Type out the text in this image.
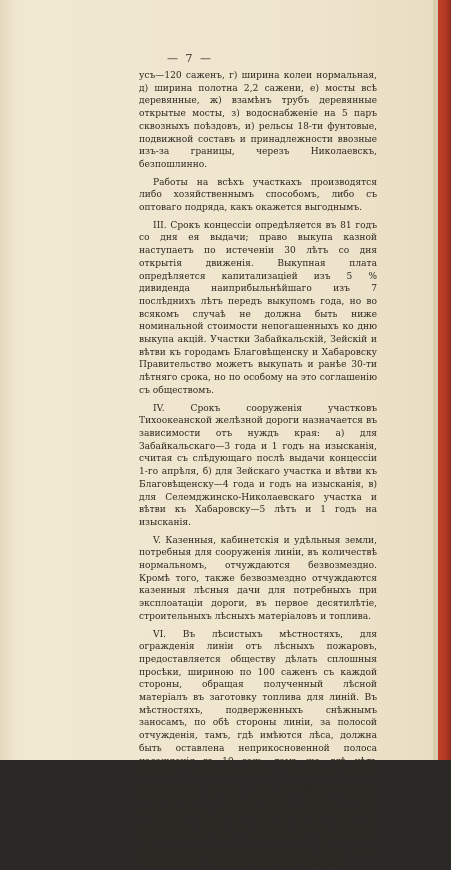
— 7 —

усъ—120 саженъ, г) ширина колеи нормальная, д) ширина полотна 2,2 сажени, е) мосты всѣ деревянные, ж) взамѣнъ трубъ деревянные открытые мосты, з) водоснабженіе на 5 паръ сквозныхъ поѣздовъ, и) рельсы 18-ти фунтовые, подвижной составъ и принадлежности ввозные изъ-за границы, черезъ Николаевскъ, безпошлинно.

Работы на всѣхъ участкахъ производятся либо хозяйственнымъ способомъ, либо съ оптоваго подряда, какъ окажется выгоднымъ.

III. Срокъ концессіи опредѣляется въ 81 годъ со дня ея выдачи; право выкупа казной наступаетъ по истеченіи 30 лѣтъ со дня открытія движенія. Выкупная плата опредѣляется капитализаціей изъ 5 % дивиденда наиприбыльнѣйшаго изъ 7 послѣднихъ лѣтъ передъ выкупомъ года, но во всякомъ случаѣ не должна быть ниже номинальной стоимости непогашенныхъ ко дню выкупа акцій. Участки Забайкальскій, Зейскій и вѣтви къ городамъ Благовѣщенску и Хабаровску Правительство можетъ выкупать и ранѣе 30-ти лѣтняго срока, но по особому на это соглашенію съ обществомъ.

IV. Срокъ сооруженія участковъ Тихоокеанской желѣзной дороги назначается въ зависимости отъ нуждъ края: а) для Забайкальскаго—3 года и 1 годъ на изысканія, считая съ слѣдующаго послѣ выдачи концессіи 1-го апрѣля, б) для Зейскаго участка и вѣтви къ Благовѣщенску—4 года и годъ на изысканія, в) для Селемджинско-Николаевскаго участка и вѣтви къ Хабаровску—5 лѣтъ и 1 годъ на изысканія.

V. Казенныя, кабинетскія и удѣльныя земли, потребныя для сооруженія линіи, въ количествѣ нормальномъ, отчуждаются безвозмездно. Кромѣ того, также безвозмездно отчуждаются казенныя лѣсныя дачи для потребныхъ при эксплоатаціи дороги, въ первое десятилѣтіе, строительныхъ лѣсныхъ матеріаловъ и топлива.

VI. Въ лѣсистыхъ мѣстностяхъ, для огражденія линіи отъ лѣсныхъ пожаровъ, предоставляется обществу дѣлать сплошныя просѣки, шириною по 100 саженъ съ каждой стороны, обращая полученный лѣсной матеріалъ въ заготовку топлива для линій. Въ мѣстностяхъ, подверженныхъ снѣжнымъ заносамъ, по обѣ стороны линіи, за полосой отчужденія, тамъ, гдѣ имѣются лѣса, должна быть оставлена неприкосновенной полоса насажденія въ 10 саж., тамъ же, гдѣ нѣтъ лѣсовъ, предоставляется обществу право насажденія такой же неприкосновенной полосы. Весь лѣсной матеріалъ, камень, песокъ, глина и другіе, потребные для сооруженія линіи матеріалы, общество имѣетъ право добывать безвозмездно на свободныхъ казенныхъ, удѣльныхъ и кабинетскихъ земляхъ, близъ линіи лежащихъ, и открывать для сего карьеры.
